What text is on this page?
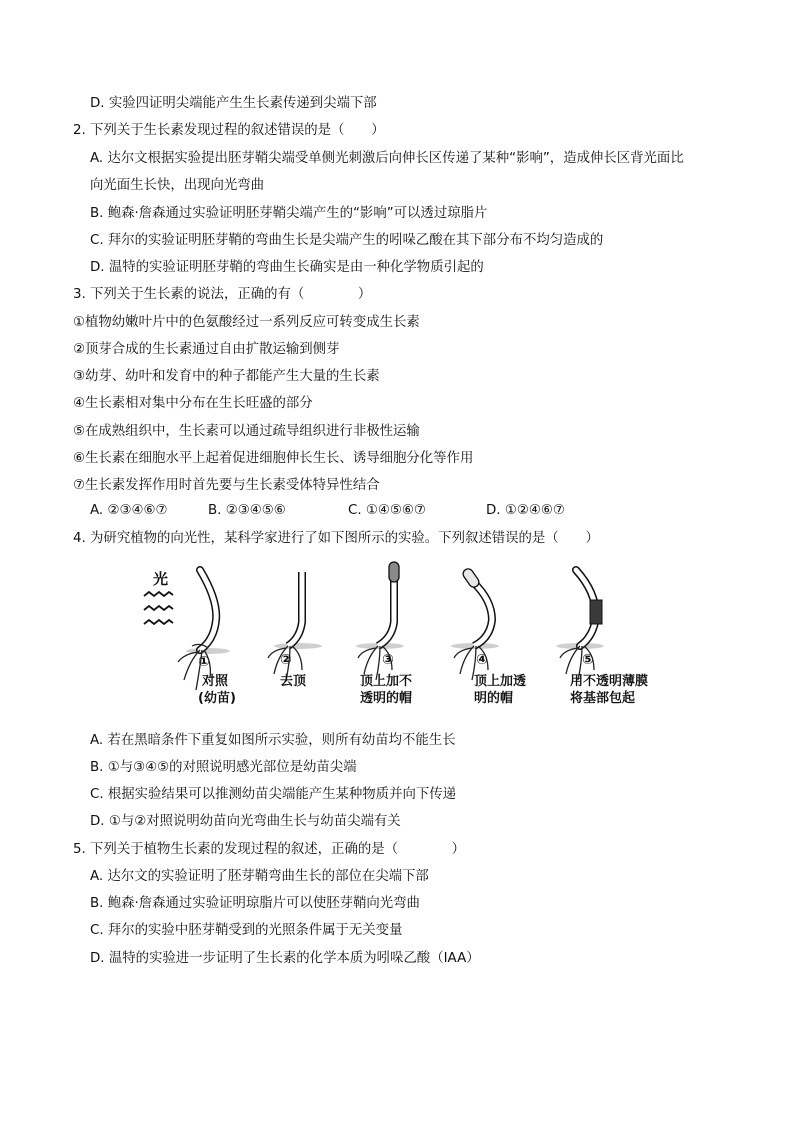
D. 实验四证明尖端能产生生长素传递到尖端下部
2. 下列关于生长素发现过程的叙述错误的是（　　）
A. 达尔文根据实验提出胚芽鞘尖端受单侧光刺激后向伸长区传递了某种“影响”，造成伸长区背光面比
向光面生长快，出现向光弯曲
B. 鲍森·詹森通过实验证明胚芽鞘尖端产生的“影响”可以透过琼脂片
C. 拜尔的实验证明胚芽鞘的弯曲生长是尖端产生的吲哚乙酸在其下部分布不均匀造成的
D. 温特的实验证明胚芽鞘的弯曲生长确实是由一种化学物质引起的
3. 下列关于生长素的说法，正确的有（　　　　）
①植物幼嫩叶片中的色氨酸经过一系列反应可转变成生长素
②顶芽合成的生长素通过自由扩散运输到侧芽
③幼芽、幼叶和发育中的种子都能产生大量的生长素
④生长素相对集中分布在生长旺盛的部分
⑤在成熟组织中，生长素可以通过疏导组织进行非极性运输
⑥生长素在细胞水平上起着促进细胞伸长生长、诱导细胞分化等作用
⑦生长素发挥作用时首先要与生长素受体特异性结合
A. ②③④⑥⑦	B. ②③④⑤⑥	C. ①④⑤⑥⑦	D. ①②④⑥⑦
4. 为研究植物的向光性，某科学家进行了如下图所示的实验。下列叙述错误的是（　　）
光
①
对照
(幼苗)
②
去顶
③
顶上加不
透明的帽
④
顶上加透
明的帽
⑤
用不透明薄膜
将基部包起
A. 若在黑暗条件下重复如图所示实验，则所有幼苗均不能生长
B. ①与③④⑤的对照说明感光部位是幼苗尖端
C. 根据实验结果可以推测幼苗尖端能产生某种物质并向下传递
D. ①与②对照说明幼苗向光弯曲生长与幼苗尖端有关
5. 下列关于植物生长素的发现过程的叙述，正确的是（　　　　）
A. 达尔文的实验证明了胚芽鞘弯曲生长的部位在尖端下部
B. 鲍森·詹森通过实验证明琼脂片可以使胚芽鞘向光弯曲
C. 拜尔的实验中胚芽鞘受到的光照条件属于无关变量
D. 温特的实验进一步证明了生长素的化学本质为吲哚乙酸（IAA）
